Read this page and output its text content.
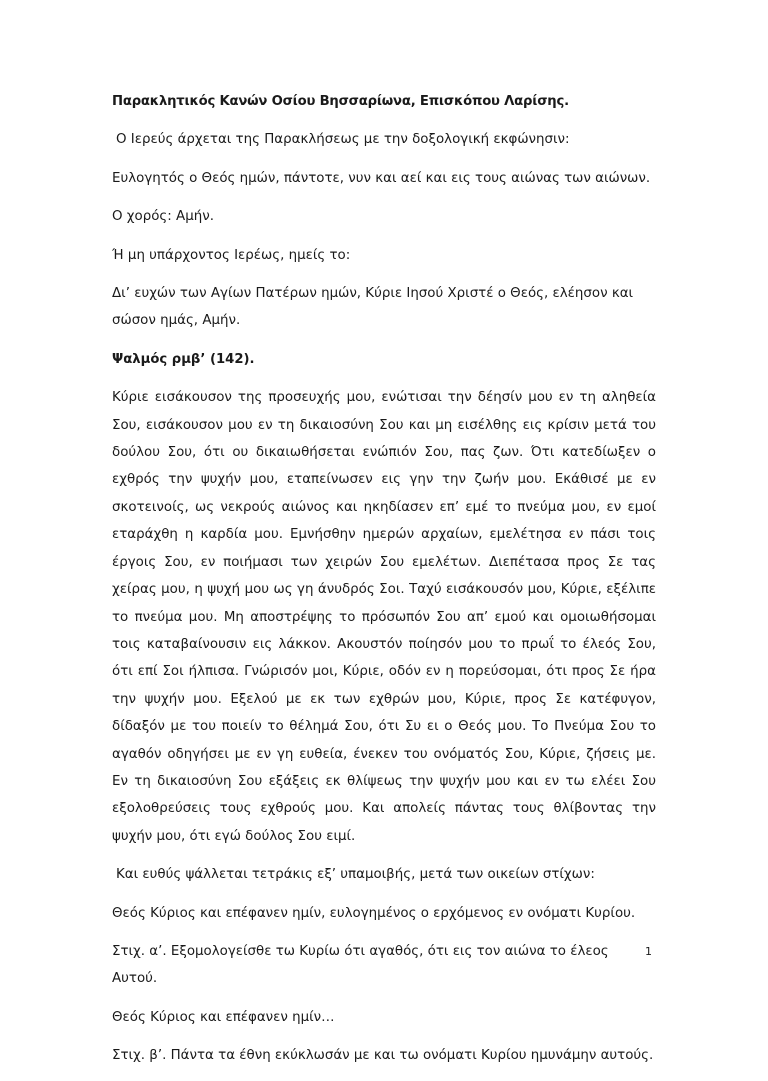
Παρακλητικός Κανών Οσίου Βησσαρίωνα, Επισκόπου Λαρίσης.

Ο Ιερεύς άρχεται της Παρακλήσεως με την δοξολογική εκφώνησιν:

Ευλογητός ο Θεός ημών, πάντοτε, νυν και αεί και εις τους αιώνας των αιώνων.

Ο χορός: Αμήν.

Ή μη υπάρχοντος Ιερέως, ημείς το:

Δι’ ευχών των Αγίων Πατέρων ημών, Κύριε Ιησού Χριστέ ο Θεός, ελέησον και σώσον ημάς, Αμήν.

Ψαλμός ρμβ’ (142).

Κύριε εισάκουσον της προσευχής μου, ενώτισαι την δέησίν μου εν τη αληθεία Σου, εισάκουσον μου εν τη δικαιοσύνη Σου και μη εισέλθης εις κρίσιν μετά του δούλου Σου, ότι ου δικαιωθήσεται ενώπιόν Σου, πας ζων. Ότι κατεδίωξεν ο εχθρός την ψυχήν μου, εταπείνωσεν εις γην την ζωήν μου. Εκάθισέ με εν σκοτεινοίς, ως νεκρούς αιώνος και ηκηδίασεν επ’ εμέ το πνεύμα μου, εν εμοί εταράχθη η καρδία μου. Εμνήσθην ημερών αρχαίων, εμελέτησα εν πάσι τοις έργοις Σου, εν ποιήμασι των χειρών Σου εμελέτων. Διεπέτασα προς Σε τας χείρας μου, η ψυχή μου ως γη άνυδρός Σοι. Ταχύ εισάκουσόν μου, Κύριε, εξέλιπε το πνεύμα μου. Μη αποστρέψης το πρόσωπόν Σου απ’ εμού και ομοιωθήσομαι τοις καταβαίνουσιν εις λάκκον. Ακουστόν ποίησόν μου το πρωΐ το έλεός Σου, ότι επί Σοι ήλπισα. Γνώρισόν μοι, Κύριε, οδόν εν η πορεύσομαι, ότι προς Σε ήρα την ψυχήν μου. Εξελού με εκ των εχθρών μου, Κύριε, προς Σε κατέφυγον, δίδαξόν με του ποιείν το θέλημά Σου, ότι Συ ει ο Θεός μου. Το Πνεύμα Σου το αγαθόν οδηγήσει με εν γη ευθεία, ένεκεν του ονόματός Σου, Κύριε, ζήσεις με. Εν τη δικαιοσύνη Σου εξάξεις εκ θλίψεως την ψυχήν μου και εν τω ελέει Σου εξολοθρεύσεις τους εχθρούς μου. Και απολείς πάντας τους θλίβοντας την ψυχήν μου, ότι εγώ δούλος Σου ειμί.

Και ευθύς ψάλλεται τετράκις εξ’ υπαμοιβής, μετά των οικείων στίχων:

Θεός Κύριος και επέφανεν ημίν, ευλογημένος ο ερχόμενος εν ονόματι Κυρίου.

Στιχ. α’. Εξομολογείσθε τω Κυρίω ότι αγαθός, ότι εις τον αιώνα το έλεος Αυτού.

Θεός Κύριος και επέφανεν ημίν…

Στιχ. β’. Πάντα τα έθνη εκύκλωσάν με και τω ονόματι Κυρίου ημυνάμην αυτούς.

1
